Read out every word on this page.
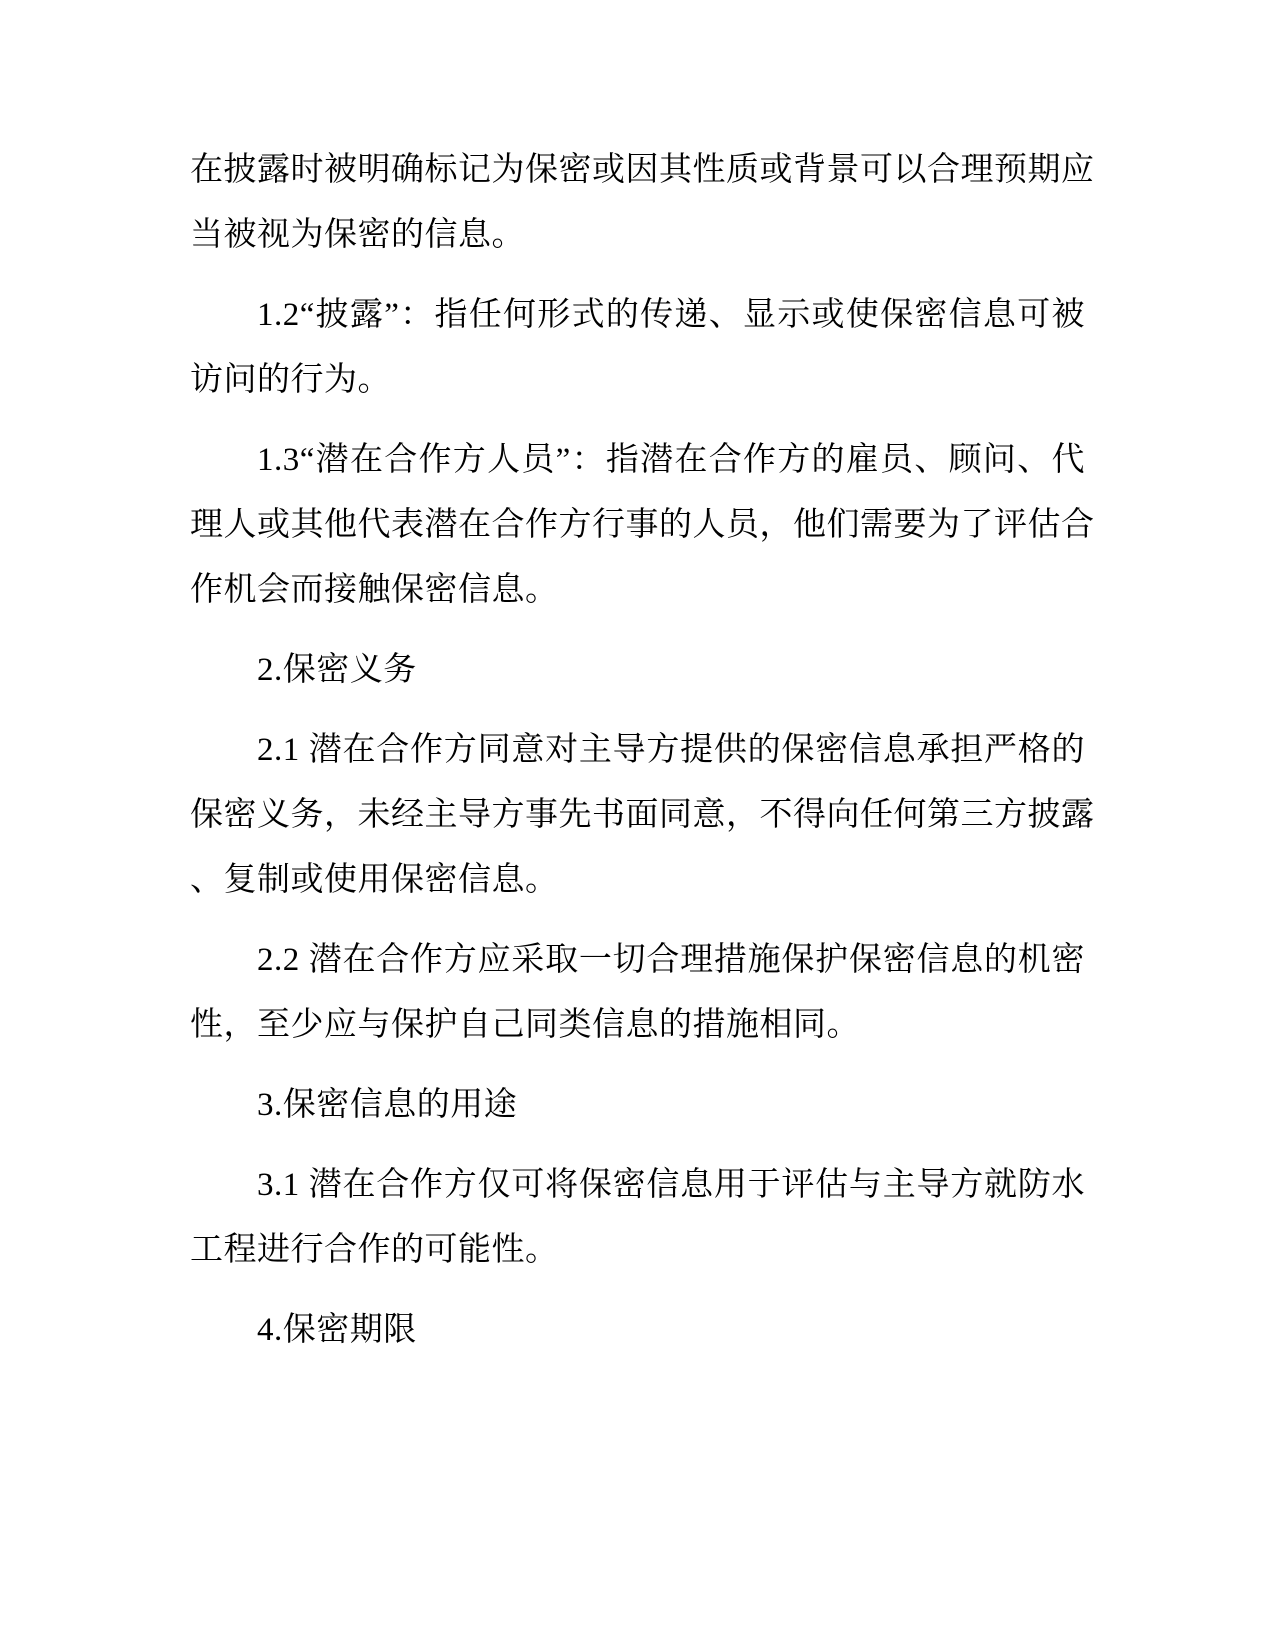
在披露时被明确标记为保密或因其性质或背景可以合理预期应
当被视为保密的信息。
1.2“披露”：指任何形式的传递、显示或使保密信息可被
访问的行为。
1.3“潜在合作方人员”：指潜在合作方的雇员、顾问、代
理人或其他代表潜在合作方行事的人员，他们需要为了评估合
作机会而接触保密信息。
2.保密义务
2.1 潜在合作方同意对主导方提供的保密信息承担严格的
保密义务，未经主导方事先书面同意，不得向任何第三方披露
、复制或使用保密信息。
2.2 潜在合作方应采取一切合理措施保护保密信息的机密
性，至少应与保护自己同类信息的措施相同。
3.保密信息的用途
3.1 潜在合作方仅可将保密信息用于评估与主导方就防水
工程进行合作的可能性。
4.保密期限
